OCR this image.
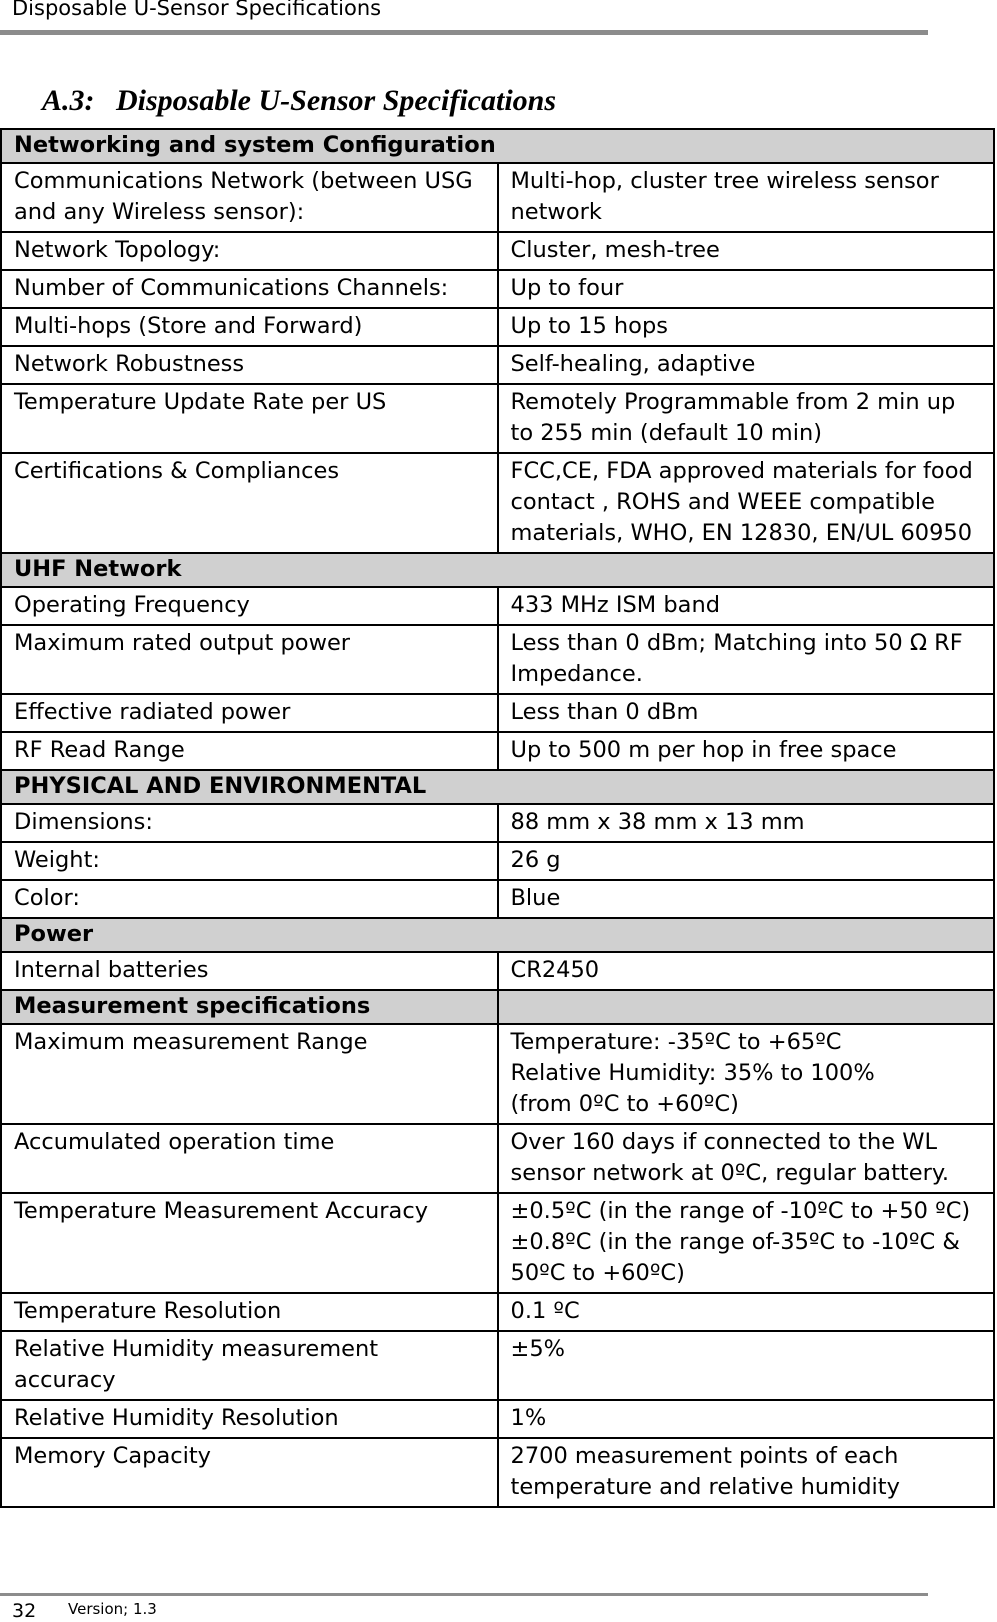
Disposable U-Sensor Specifications
A.3: Disposable U-Sensor Specifications
Networking and system Configuration	
Communications Network (between USG and any Wireless sensor):	Multi-hop, cluster tree wireless sensor network
Network Topology:	Cluster, mesh-tree
Number of Communications Channels:	Up to four
Multi-hops (Store and Forward)	Up to 15 hops
Network Robustness	Self-healing, adaptive
Temperature Update Rate per US	Remotely Programmable from 2 min up to 255 min (default 10 min)
Certifications & Compliances	FCC,CE, FDA approved materials for food contact , ROHS and WEEE compatible materials, WHO, EN 12830, EN/UL 60950
UHF Network	
Operating Frequency	433 MHz ISM band
Maximum rated output power	Less than 0 dBm; Matching into 50 Ω RF Impedance.
Effective radiated power	Less than 0 dBm
RF Read Range	Up to 500 m per hop in free space
PHYSICAL AND ENVIRONMENTAL	
Dimensions:	88 mm x 38 mm x 13 mm
Weight:	26 g
Color:	Blue
Power	
Internal batteries	CR2450
Measurement specifications	
Maximum measurement Range	Temperature: -35ºC to +65ºC
Relative Humidity: 35% to 100%
(from 0ºC to +60ºC)

Accumulated operation time	Over 160 days if connected to the WL sensor network at 0ºC, regular battery.
Temperature Measurement Accuracy	±0.5ºC (in the range of -10ºC to +50 ºC)
±0.8ºC (in the range of-35ºC to -10ºC & 50ºC to +60ºC)

Temperature Resolution	0.1 ºC
Relative Humidity measurement accuracy	±5%
Relative Humidity Resolution	1%
Memory Capacity	2700 measurement points of each temperature and relative humidity
32 Version; 1.3
